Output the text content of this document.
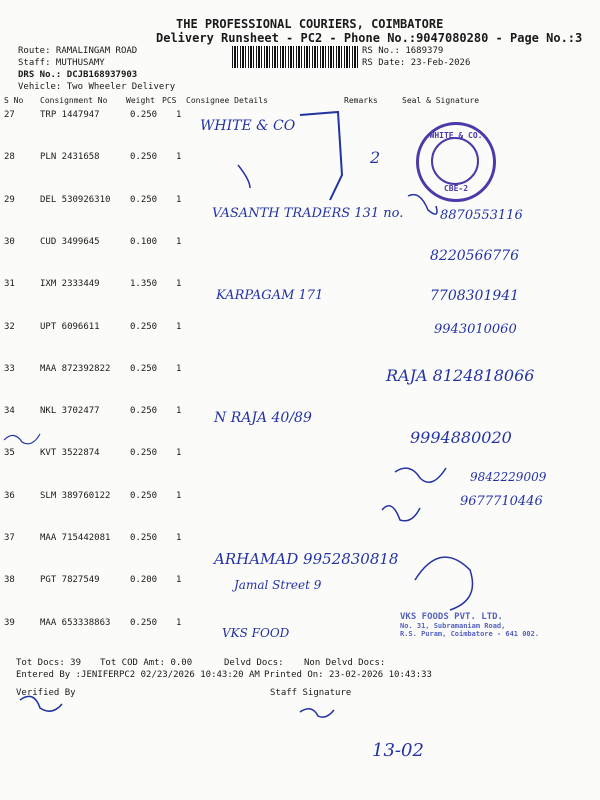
THE PROFESSIONAL COURIERS, COIMBATORE
Delivery Runsheet - PC2 - Phone No.:9047080280 - Page No.:3
Route: RAMALINGAM ROAD
Staff: MUTHUSAMY
DRS No.: DCJB168937903
Vehicle: Two Wheeler Delivery
RS No.: 1689379
RS Date: 23-Feb-2026
S No Consignment No Weight PCS Consignee Details	Remarks	Seal & Signature
27	TRP 1447947	0.250 1
28	PLN 2431658	0.250 1
29	DEL 530926310 0.250 1
30	CUD 3499645	0.100 1
31	IXM 2333449	1.350 1
32	UPT 6096611	0.250 1
33	MAA 872392822 0.250 1
34	NKL 3702477	0.250 1
35	KVT 3522874	0.250 1
36	SLM 389760122 0.250 1
37	MAA 715442081 0.250 1
38	PGT 7827549	0.200 1
39	MAA 653338863 0.250 1
WHITE & CO
2
VASANTH TRADERS 131 no.	8870553116
8220566776
KARPAGAM 171	7708301941
9943010060
RAJA 8124818066
N RAJA 40/89
9994880020
9842229009
9677710446
ARHAMAD 9952830818
Jamal Street 9
VKS FOOD
13-02
WHITE & CO.
CBE-2
VKS FOODS PVT. LTD.
No. 31, Subramaniam Road,
R.S. Puram, Coimbatore - 641 002.
Tot Docs: 39 Tot COD Amt: 0.00	Delvd Docs: Non Delvd Docs:
Entered By :JENIFERPC2 02/23/2026 10:43:20 AM Printed On: 23-02-2026 10:43:33
Verified By	Staff Signature
